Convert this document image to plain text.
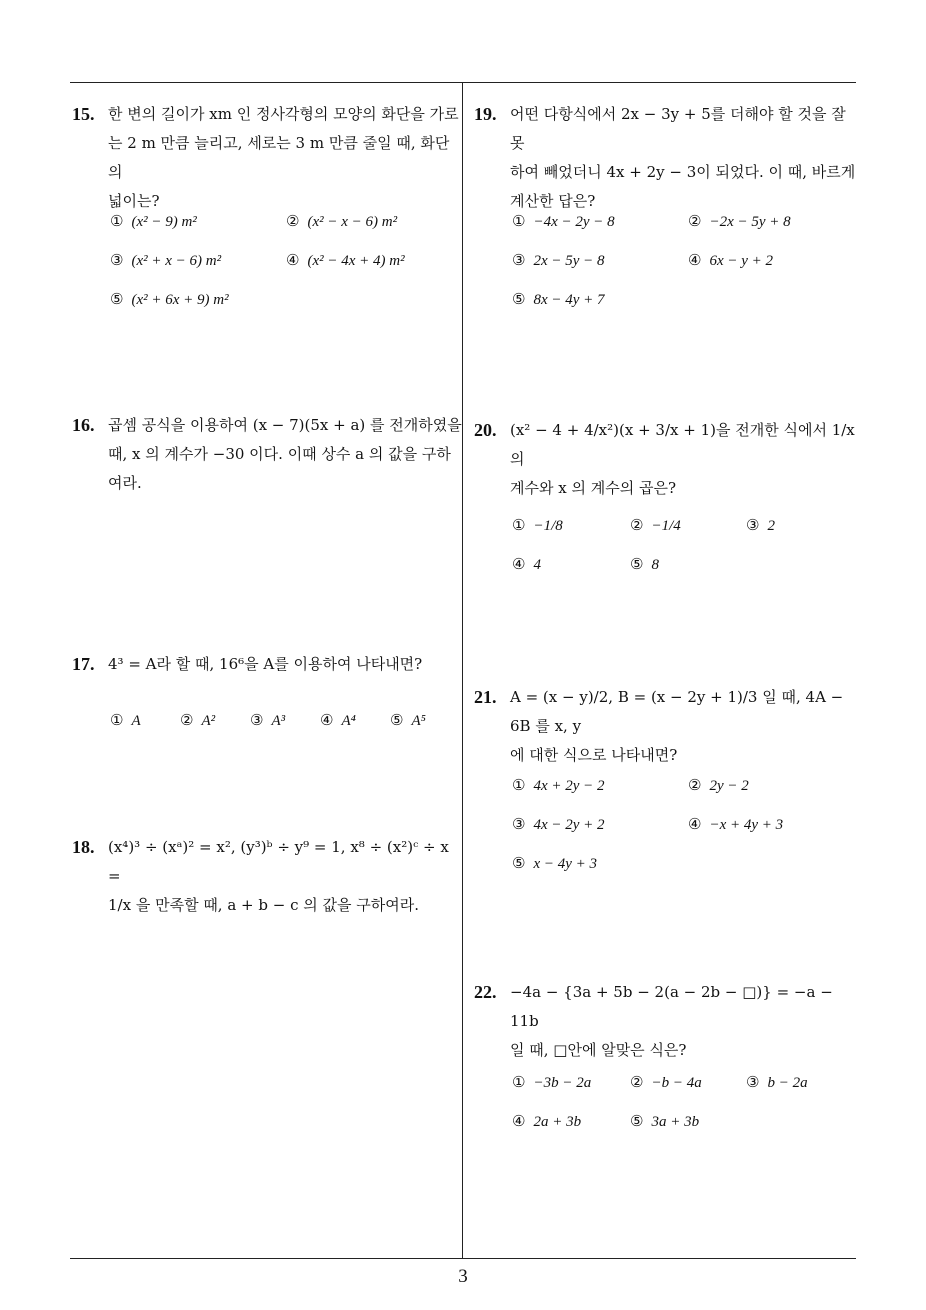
3
15. 한 변의 길이가 xm 인 정사각형의 모양의 화단을 가로

는 2 m 만큼 늘리고, 세로는 3 m 만큼 줄일 때, 화단의

넓이는?

① (x² − 9) m²	② (x² − x − 6) m²
③ (x² + x − 6) m²	④ (x² − 4x + 4) m²
⑤ (x² + 6x + 9) m²
16. 곱셈 공식을 이용하여 (x − 7)(5x + a) 를 전개하였을

때, x 의 계수가 −30 이다. 이때 상수 a 의 값을 구하

여라.

17. 4³ = A라 할 때, 16⁶을 A를 이용하여 나타내면?

① A	② A² ③ A³ ④ A⁴ ⑤ A⁵
18. (x⁴)³ ÷ (xᵃ)² = x², (y³)ᵇ ÷ y⁹ = 1, x⁸ ÷ (x²)ᶜ ÷ x =

1/x 을 만족할 때, a + b − c 의 값을 구하여라.

19. 어떤 다항식에서 2x − 3y + 5를 더해야 할 것을 잘못

하여 빼었더니 4x + 2y − 3이 되었다. 이 때, 바르게

계산한 답은?

① −4x − 2y − 8	② −2x − 5y + 8
③ 2x − 5y − 8	④ 6x − y + 2
⑤ 8x − 4y + 7
20. (x² − 4 + 4/x²)(x + 3/x + 1)을 전개한 식에서 1/x 의

계수와 x 의 계수의 곱은?

① −1/8	② −1/4	③ 2
④ 4	⑤ 8
21. A = (x − y)/2, B = (x − 2y + 1)/3 일 때, 4A − 6B 를 x, y

에 대한 식으로 나타내면?

① 4x + 2y − 2	② 2y − 2
③ 4x − 2y + 2	④ −x + 4y + 3
⑤ x − 4y + 3
22. −4a − {3a + 5b − 2(a − 2b − □)} = −a − 11b

일 때, □안에 알맞은 식은?

① −3b − 2a	② −b − 4a	③ b − 2a
④ 2a + 3b	⑤ 3a + 3b
